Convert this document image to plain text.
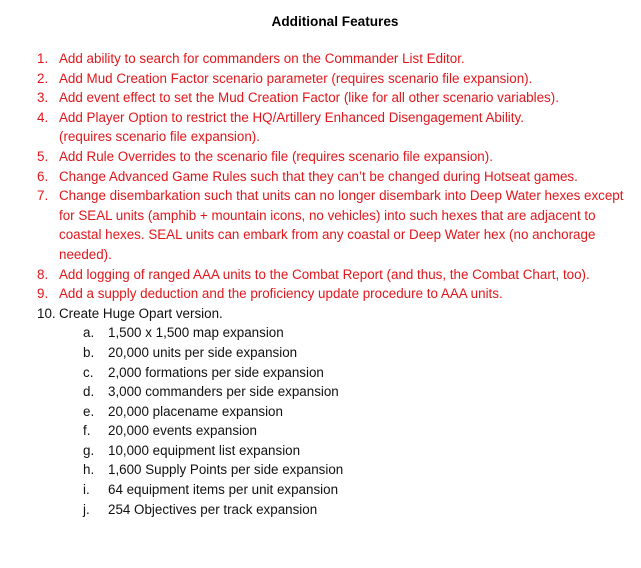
Additional Features
1. Add ability to search for commanders on the Commander List Editor.
2. Add Mud Creation Factor scenario parameter (requires scenario file expansion).
3. Add event effect to set the Mud Creation Factor (like for all other scenario variables).
4. Add Player Option to restrict the HQ/Artillery Enhanced Disengagement Ability. (requires scenario file expansion).
5. Add Rule Overrides to the scenario file (requires scenario file expansion).
6. Change Advanced Game Rules such that they can’t be changed during Hotseat games.
7. Change disembarkation such that units can no longer disembark into Deep Water hexes except for SEAL units (amphib + mountain icons, no vehicles) into such hexes that are adjacent to coastal hexes. SEAL units can embark from any coastal or Deep Water hex (no anchorage needed).
8. Add logging of ranged AAA units to the Combat Report (and thus, the Combat Chart, too).
9. Add a supply deduction and the proficiency update procedure to AAA units.
10. Create Huge Opart version.
a. 1,500 x 1,500 map expansion
b. 20,000 units per side expansion
c. 2,000 formations per side expansion
d. 3,000 commanders per side expansion
e. 20,000 placename expansion
f. 20,000 events expansion
g. 10,000 equipment list expansion
h. 1,600 Supply Points per side expansion
i. 64 equipment items per unit expansion
j. 254 Objectives per track expansion
